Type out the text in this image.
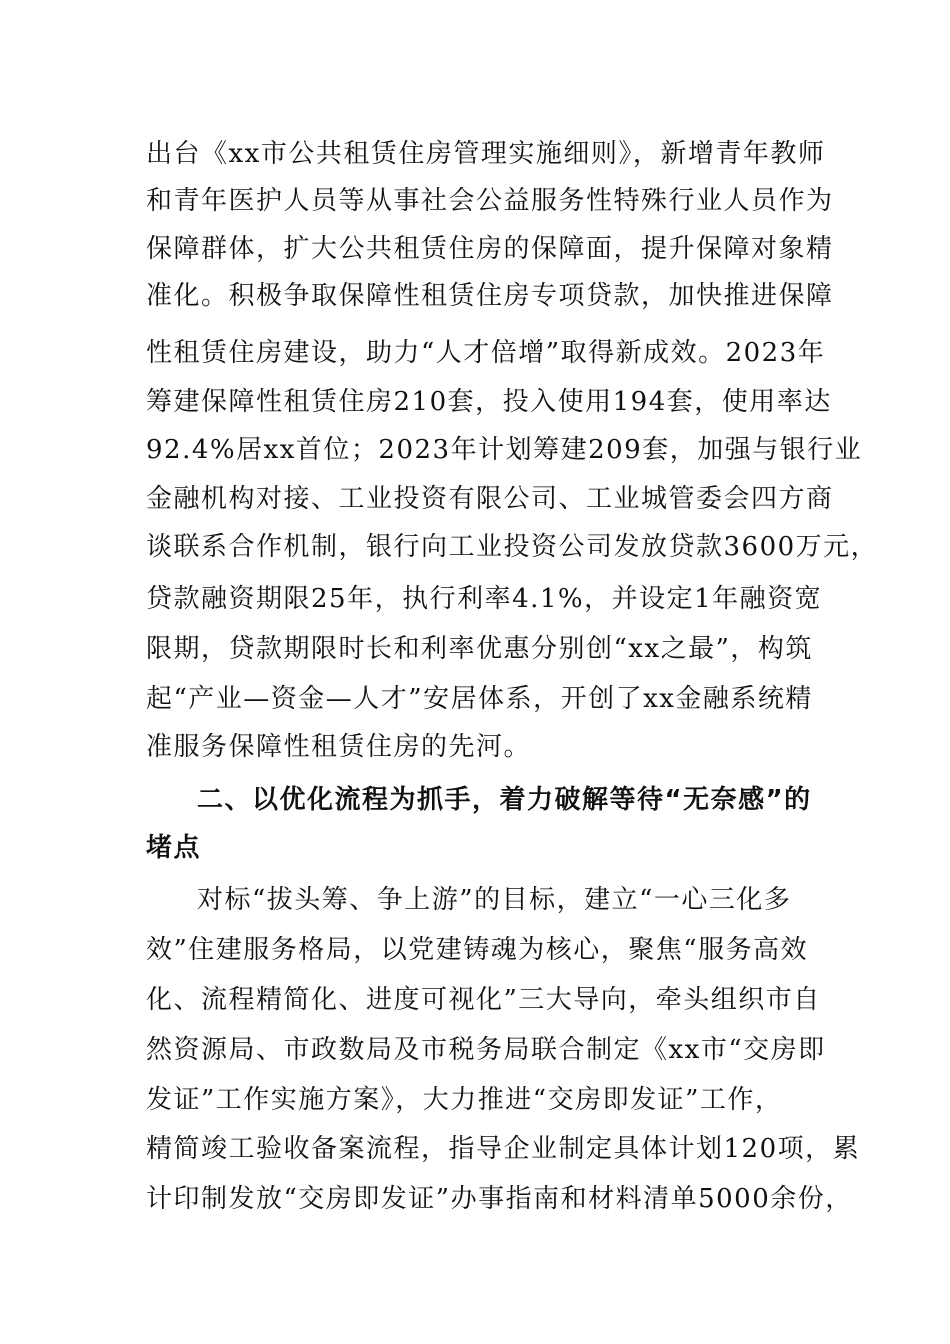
出台《xx市公共租赁住房管理实施细则》，新增青年教师
和青年医护人员等从事社会公益服务性特殊行业人员作为
保障群体，扩大公共租赁住房的保障面，提升保障对象精
准化。积极争取保障性租赁住房专项贷款，加快推进保障
性租赁住房建设，助力“人才倍增”取得新成效。2023年
筹建保障性租赁住房210套，投入使用194套，使用率达
92.4%居xx首位；2023年计划筹建209套，加强与银行业
金融机构对接、工业投资有限公司、工业城管委会四方商
谈联系合作机制，银行向工业投资公司发放贷款3600万元，
贷款融资期限25年，执行利率4.1%，并设定1年融资宽
限期，贷款期限时长和利率优惠分别创“xx之最”，构筑
起“产业—资金—人才”安居体系，开创了xx金融系统精
准服务保障性租赁住房的先河。
二、以优化流程为抓手，着力破解等待“无奈感”的
堵点
对标“拔头筹、争上游”的目标，建立“一心三化多
效”住建服务格局，以党建铸魂为核心，聚焦“服务高效
化、流程精简化、进度可视化”三大导向，牵头组织市自
然资源局、市政数局及市税务局联合制定《xx市“交房即
发证”工作实施方案》，大力推进“交房即发证”工作，
精简竣工验收备案流程，指导企业制定具体计划120项，累
计印制发放“交房即发证”办事指南和材料清单5000余份，
